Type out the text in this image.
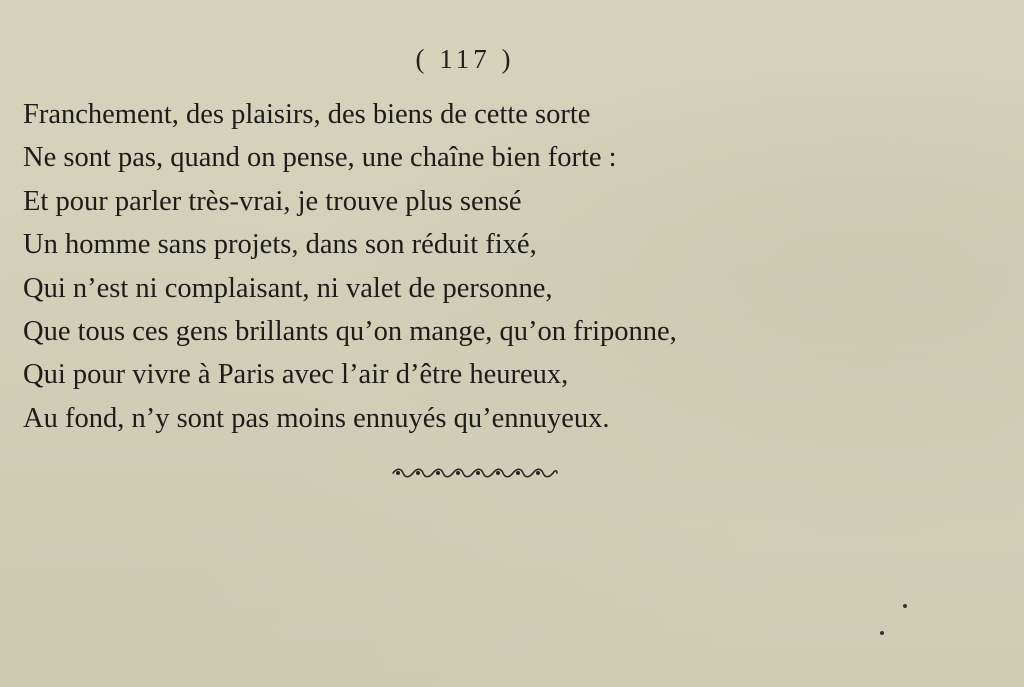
( 117 )
Franchement, des plaisirs, des biens de cette sorte
Ne sont pas, quand on pense, une chaîne bien forte :
Et pour parler très-vrai, je trouve plus sensé
Un homme sans projets, dans son réduit fixé,
Qui n’est ni complaisant, ni valet de personne,
Que tous ces gens brillants qu’on mange, qu’on friponne,
Qui pour vivre à Paris avec l’air d’être heureux,
Au fond, n’y sont pas moins ennuyés qu’ennuyeux.
